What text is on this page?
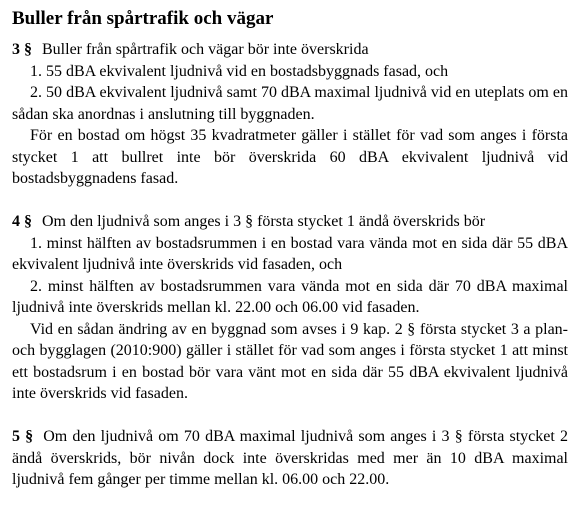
Buller från spårtrafik och vägar

3 § Buller från spårtrafik och vägar bör inte överskrida

1. 55 dBA ekvivalent ljudnivå vid en bostadsbyggnads fasad, och

2. 50 dBA ekvivalent ljudnivå samt 70 dBA maximal ljudnivå vid en uteplats om en sådan ska anordnas i anslutning till byggnaden.

För en bostad om högst 35 kvadratmeter gäller i stället för vad som anges i första stycket 1 att bullret inte bör överskrida 60 dBA ekvivalent ljudnivå vid bostadsbyggnadens fasad.

4 § Om den ljudnivå som anges i 3 § första stycket 1 ändå överskrids bör

1. minst hälften av bostadsrummen i en bostad vara vända mot en sida där 55 dBA ekvivalent ljudnivå inte överskrids vid fasaden, och

2. minst hälften av bostadsrummen vara vända mot en sida där 70 dBA maximal ljudnivå inte överskrids mellan kl. 22.00 och 06.00 vid fasaden.

Vid en sådan ändring av en byggnad som avses i 9 kap. 2 § första stycket 3 a plan- och bygglagen (2010:900) gäller i stället för vad som anges i första stycket 1 att minst ett bostadsrum i en bostad bör vara vänt mot en sida där 55 dBA ekvivalent ljudnivå inte överskrids vid fasaden.

5 § Om den ljudnivå om 70 dBA maximal ljudnivå som anges i 3 § första stycket 2 ändå överskrids, bör nivån dock inte överskridas med mer än 10 dBA maximal ljudnivå fem gånger per timme mellan kl. 06.00 och 22.00.
